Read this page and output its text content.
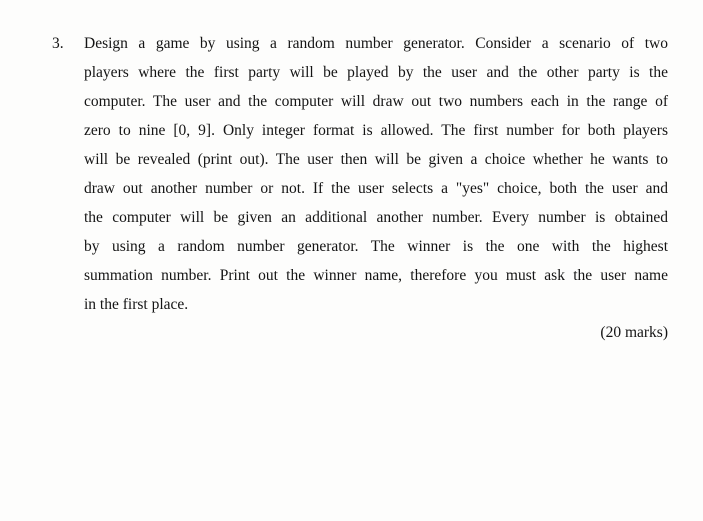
3. Design a game by using a random number generator. Consider a scenario of two
players where the first party will be played by the user and the other party is the
computer. The user and the computer will draw out two numbers each in the range of
zero to nine [0, 9]. Only integer format is allowed. The first number for both players
will be revealed (print out). The user then will be given a choice whether he wants to
draw out another number or not. If the user selects a "yes" choice, both the user and
the computer will be given an additional another number. Every number is obtained
by using a random number generator. The winner is the one with the highest
summation number. Print out the winner name, therefore you must ask the user name
in the first place.
(20 marks)
